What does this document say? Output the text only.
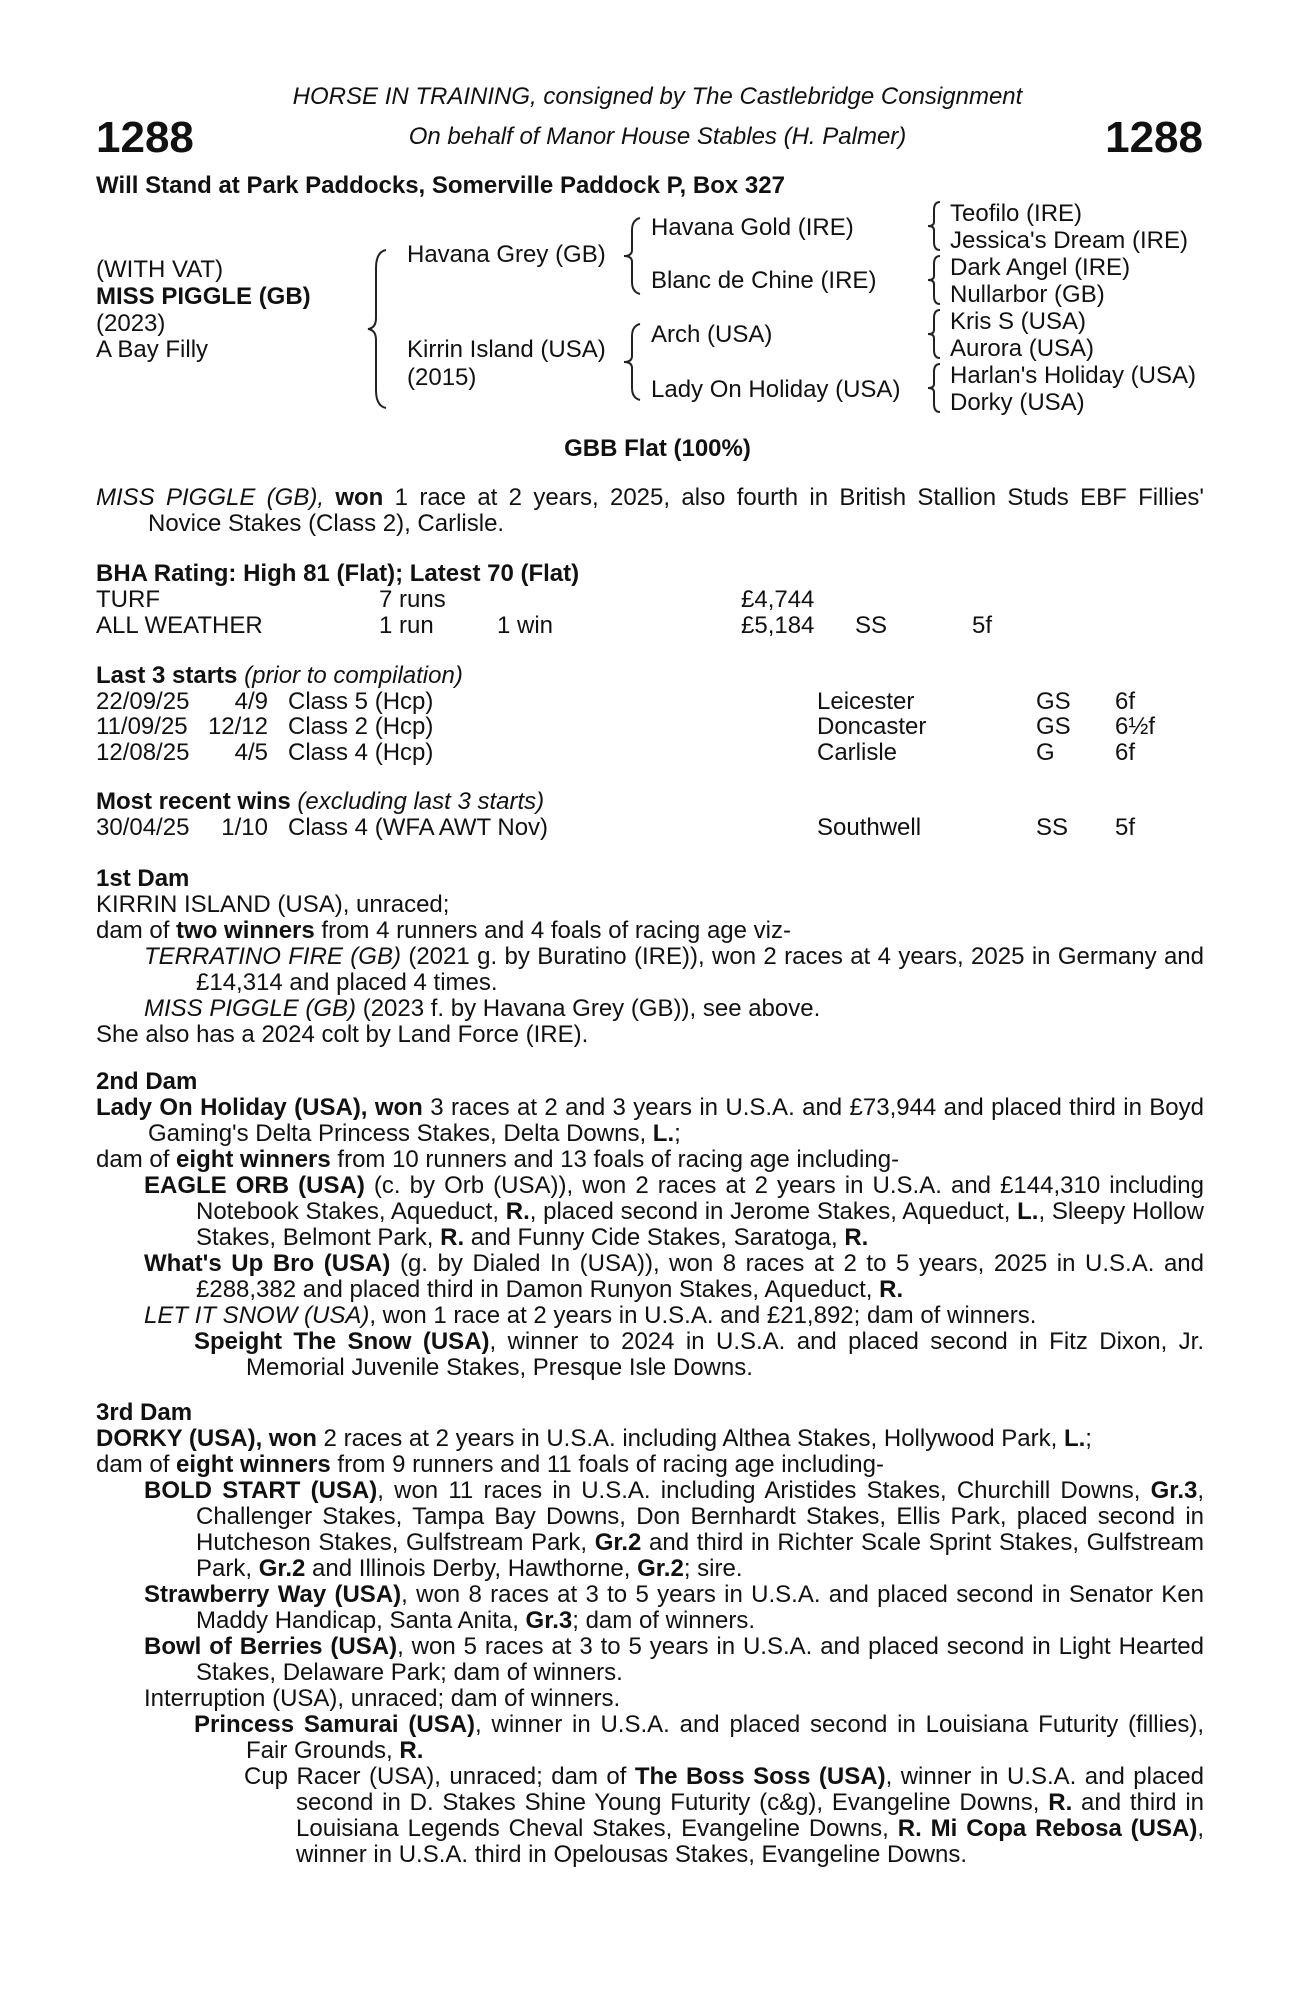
1288	1288
HORSE IN TRAINING, consigned by The Castlebridge Consignment
On behalf of Manor House Stables (H. Palmer)
Will Stand at Park Paddocks, Somerville Paddock P, Box 327
(WITH VAT)
MISS PIGGLE (GB)
(2023)
A Bay Filly
Havana Grey (GB)
Kirrin Island (USA)
(2015)
Havana Gold (IRE)
Blanc de Chine (IRE)
Arch (USA)
Lady On Holiday (USA)
Teofilo (IRE)
Jessica's Dream (IRE)
Dark Angel (IRE)
Nullarbor (GB)
Kris S (USA)
Aurora (USA)
Harlan's Holiday (USA)
Dorky (USA)
GBB Flat (100%)

MISS PIGGLE (GB), won 1 race at 2 years, 2025, also fourth in British Stallion Studs EBF Fillies' Novice Stakes (Class 2), Carlisle.

BHA Rating: High 81 (Flat); Latest 70 (Flat)
TURF	7 runs	£4,744
ALL WEATHER	1 run	1 win	£5,184 SS	5f
Last 3 starts (prior to compilation)
22/09/25	4/9 Class 5 (Hcp)	Leicester	GS 6f
11/09/25 12/12 Class 2 (Hcp)	Doncaster	GS 6½f
12/08/25	4/5 Class 4 (Hcp)	Carlisle	G	6f
Most recent wins (excluding last 3 starts)
30/04/25	1/10 Class 4 (WFA AWT Nov)	Southwell	SS 5f

1st Dam

KIRRIN ISLAND (USA), unraced;

dam of two winners from 4 runners and 4 foals of racing age viz-

TERRATINO FIRE (GB) (2021 g. by Buratino (IRE)), won 2 races at 4 years, 2025 in Germany and £14,314 and placed 4 times.

MISS PIGGLE (GB) (2023 f. by Havana Grey (GB)), see above.

She also has a 2024 colt by Land Force (IRE).

2nd Dam

Lady On Holiday (USA), won 3 races at 2 and 3 years in U.S.A. and £73,944 and placed third in Boyd Gaming's Delta Princess Stakes, Delta Downs, L.;

dam of eight winners from 10 runners and 13 foals of racing age including-

EAGLE ORB (USA) (c. by Orb (USA)), won 2 races at 2 years in U.S.A. and £144,310 including Notebook Stakes, Aqueduct, R., placed second in Jerome Stakes, Aqueduct, L., Sleepy Hollow Stakes, Belmont Park, R. and Funny Cide Stakes, Saratoga, R.

What's Up Bro (USA) (g. by Dialed In (USA)), won 8 races at 2 to 5 years, 2025 in U.S.A. and £288,382 and placed third in Damon Runyon Stakes, Aqueduct, R.

LET IT SNOW (USA), won 1 race at 2 years in U.S.A. and £21,892; dam of winners.

Speight The Snow (USA), winner to 2024 in U.S.A. and placed second in Fitz Dixon, Jr. Memorial Juvenile Stakes, Presque Isle Downs.

3rd Dam

DORKY (USA), won 2 races at 2 years in U.S.A. including Althea Stakes, Hollywood Park, L.;

dam of eight winners from 9 runners and 11 foals of racing age including-

BOLD START (USA), won 11 races in U.S.A. including Aristides Stakes, Churchill Downs, Gr.3, Challenger Stakes, Tampa Bay Downs, Don Bernhardt Stakes, Ellis Park, placed second in Hutcheson Stakes, Gulfstream Park, Gr.2 and third in Richter Scale Sprint Stakes, Gulfstream Park, Gr.2 and Illinois Derby, Hawthorne, Gr.2; sire.

Strawberry Way (USA), won 8 races at 3 to 5 years in U.S.A. and placed second in Senator Ken Maddy Handicap, Santa Anita, Gr.3; dam of winners.

Bowl of Berries (USA), won 5 races at 3 to 5 years in U.S.A. and placed second in Light Hearted Stakes, Delaware Park; dam of winners.

Interruption (USA), unraced; dam of winners.

Princess Samurai (USA), winner in U.S.A. and placed second in Louisiana Futurity (fillies), Fair Grounds, R.

Cup Racer (USA), unraced; dam of The Boss Soss (USA), winner in U.S.A. and placed second in D. Stakes Shine Young Futurity (c&g), Evangeline Downs, R. and third in Louisiana Legends Cheval Stakes, Evangeline Downs, R. Mi Copa Rebosa (USA), winner in U.S.A. third in Opelousas Stakes, Evangeline Downs.
